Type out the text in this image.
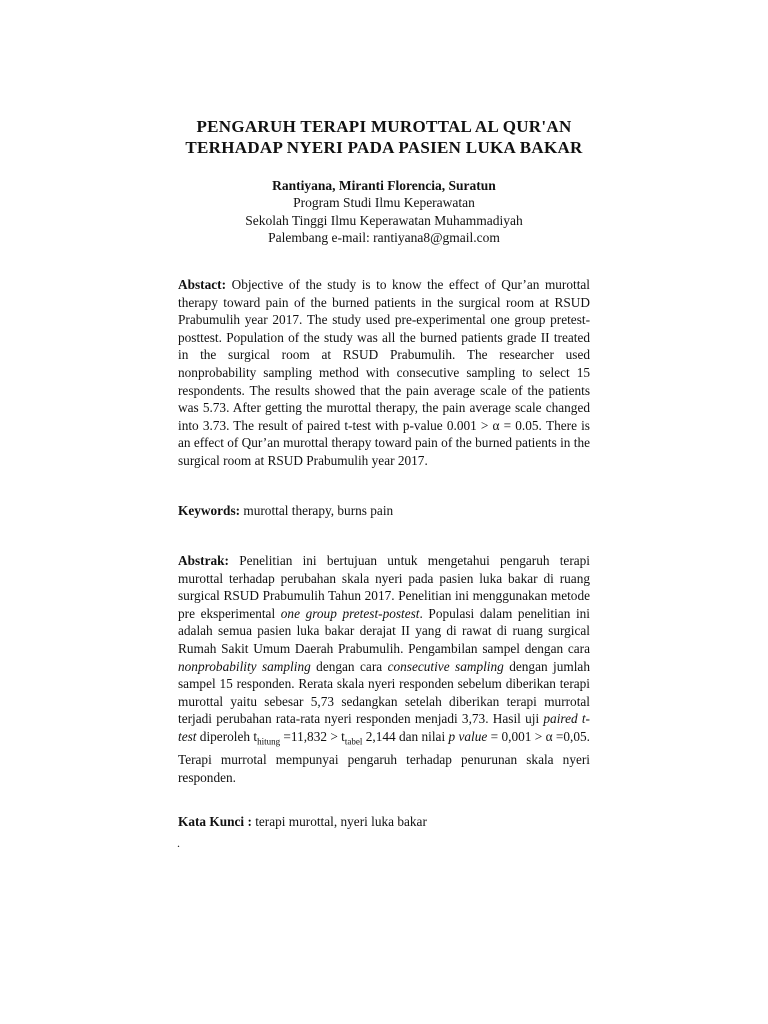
PENGARUH TERAPI MUROTTAL AL QUR'AN
TERHADAP NYERI PADA PASIEN LUKA BAKAR
Rantiyana, Miranti Florencia, Suratun
Program Studi Ilmu Keperawatan
Sekolah Tinggi Ilmu Keperawatan Muhammadiyah
Palembang e-mail: rantiyana8@gmail.com
Abstact: Objective of the study is to know the effect of Qur’an murottal therapy toward pain of the burned patients in the surgical room at RSUD Prabumulih year 2017. The study used pre-experimental one group pretest-posttest. Population of the study was all the burned patients grade II treated in the surgical room at RSUD Prabumulih. The researcher used nonprobability sampling method with consecutive sampling to select 15 respondents. The results showed that the pain average scale of the patients was 5.73. After getting the murottal therapy, the pain average scale changed into 3.73. The result of paired t-test with p-value 0.001 > α = 0.05. There is an effect of Qur’an murottal therapy toward pain of the burned patients in the surgical room at RSUD Prabumulih year 2017.
Keywords: murottal therapy, burns pain
Abstrak: Penelitian ini bertujuan untuk mengetahui pengaruh terapi murottal terhadap perubahan skala nyeri pada pasien luka bakar di ruang surgical RSUD Prabumulih Tahun 2017. Penelitian ini menggunakan metode pre eksperimental one group pretest-postest. Populasi dalam penelitian ini adalah semua pasien luka bakar derajat II yang di rawat di ruang surgical Rumah Sakit Umum Daerah Prabumulih. Pengambilan sampel dengan cara nonprobability sampling dengan cara consecutive sampling dengan jumlah sampel 15 responden. Rerata skala nyeri responden sebelum diberikan terapi murottal yaitu sebesar 5,73 sedangkan setelah diberikan terapi murrotal terjadi perubahan rata-rata nyeri responden menjadi 3,73. Hasil uji paired t-test diperoleh $t_{hitung} =11,832 > t_{tabel}$ 2,144 dan nilai p value = 0,001 > α =0,05. Terapi murrotal mempunyai pengaruh terhadap penurunan skala nyeri responden.
Kata Kunci : terapi murottal, nyeri luka bakar
.
